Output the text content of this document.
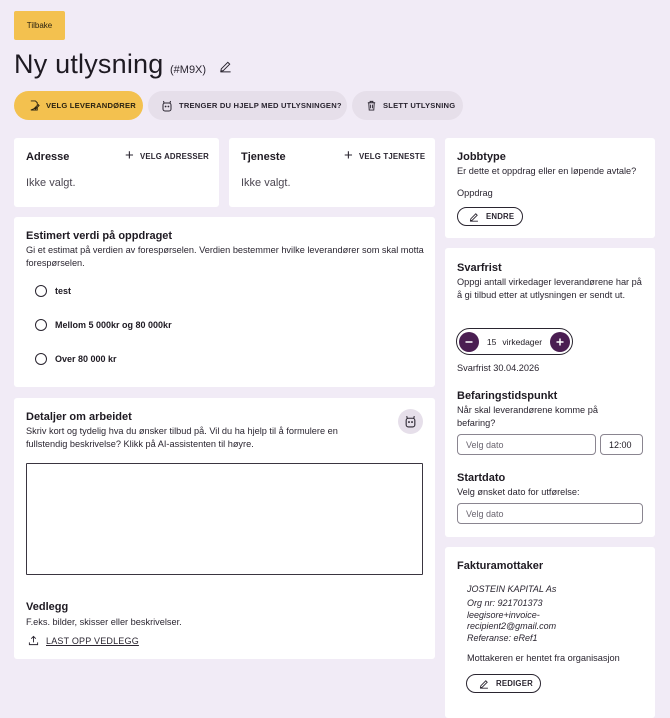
Tilbake
Ny utlysning (#M9X)
VELG LEVERANDØRER	TRENGER DU HJELP MED UTLYSNINGEN?	SLETT UTLYSNING
Adresse	+ VELG ADRESSER
Ikke valgt.
Tjeneste	+ VELG TJENESTE
Ikke valgt.
Estimert verdi på oppdraget
Gi et estimat på verdien av forespørselen. Verdien bestemmer hvilke leverandører som skal motta forespørselen.
test
Mellom 5 000kr og 80 000kr
Over 80 000 kr
Detaljer om arbeidet
Skriv kort og tydelig hva du ønsker tilbud på. Vil du ha hjelp til å formulere en fullstendig beskrivelse? Klikk på AI-assistenten til høyre.
Vedlegg
F.eks. bilder, skisser eller beskrivelser.
LAST OPP VEDLEGG
Jobbtype
Er dette et oppdrag eller en løpende avtale?
Oppdrag
ENDRE
Svarfrist
Oppgi antall virkedager leverandørene har på å gi tilbud etter at utlysningen er sendt ut.
15 virkedager
Svarfrist 30.04.2026
Befaringstidspunkt
Når skal leverandørene komme på befaring?
Velg dato	12:00
Startdato
Velg ønsket dato for utførelse:
Velg dato
Fakturamottaker
JOSTEIN KAPITAL As
Org nr: 921701373
leegisore+invoice-
recipient2@gmail.com
Referanse: eRef1
Mottakeren er hentet fra organisasjon
REDIGER
